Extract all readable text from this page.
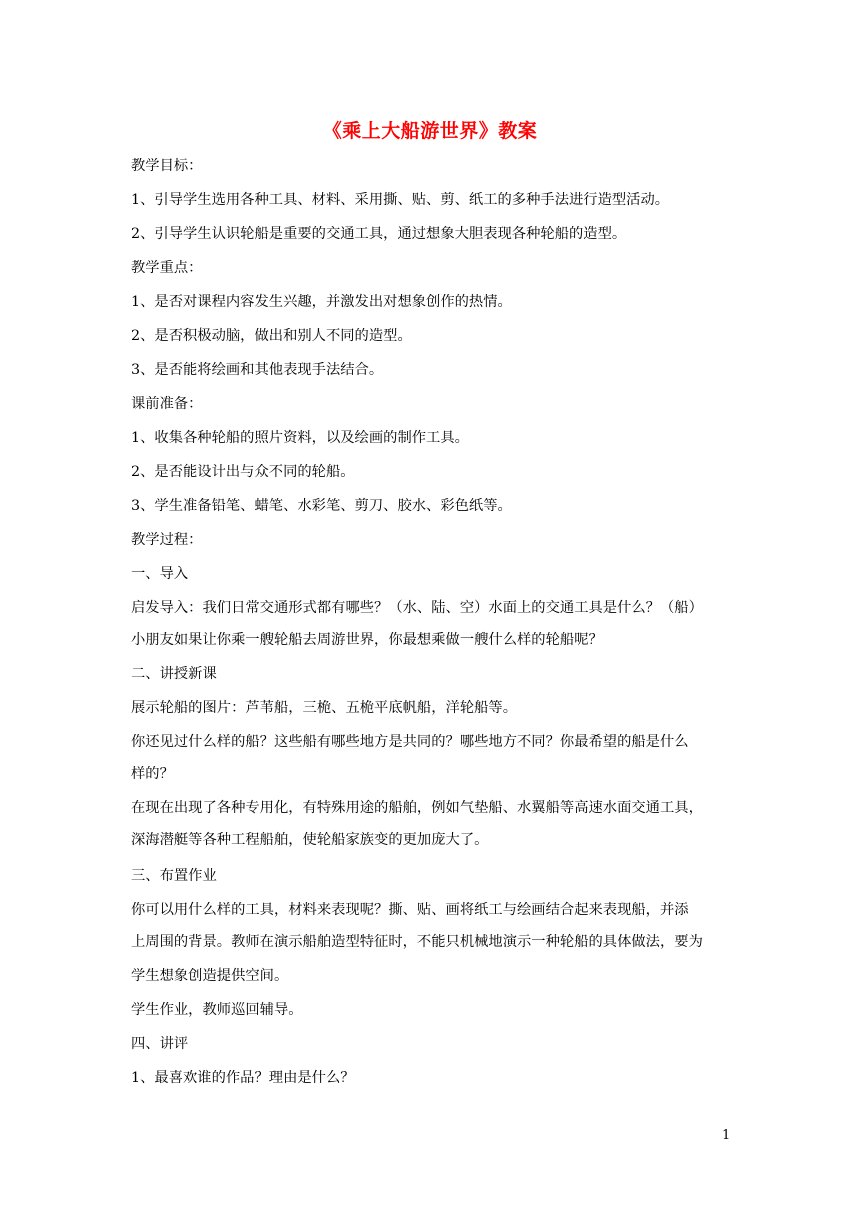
《乘上大船游世界》教案
教学目标：
1、引导学生选用各种工具、材料、采用撕、贴、剪、纸工的多种手法进行造型活动。
2、引导学生认识轮船是重要的交通工具，通过想象大胆表现各种轮船的造型。
教学重点：
1、是否对课程内容发生兴趣，并激发出对想象创作的热情。
2、是否积极动脑，做出和别人不同的造型。
3、是否能将绘画和其他表现手法结合。
课前准备：
1、收集各种轮船的照片资料，以及绘画的制作工具。
2、是否能设计出与众不同的轮船。
3、学生准备铅笔、蜡笔、水彩笔、剪刀、胶水、彩色纸等。
教学过程：
一、导入
启发导入：我们日常交通形式都有哪些？（水、陆、空）水面上的交通工具是什么？（船）
小朋友如果让你乘一艘轮船去周游世界，你最想乘做一艘什么样的轮船呢？
二、讲授新课
展示轮船的图片：芦苇船，三桅、五桅平底帆船，洋轮船等。
你还见过什么样的船？这些船有哪些地方是共同的？哪些地方不同？你最希望的船是什么
样的？
在现在出现了各种专用化，有特殊用途的船舶，例如气垫船、水翼船等高速水面交通工具，
深海潜艇等各种工程船舶，使轮船家族变的更加庞大了。
三、布置作业
你可以用什么样的工具，材料来表现呢？撕、贴、画将纸工与绘画结合起来表现船，并添
上周围的背景。教师在演示船舶造型特征时，不能只机械地演示一种轮船的具体做法，要为
学生想象创造提供空间。
学生作业，教师巡回辅导。
四、讲评
1、最喜欢谁的作品？理由是什么？
1
